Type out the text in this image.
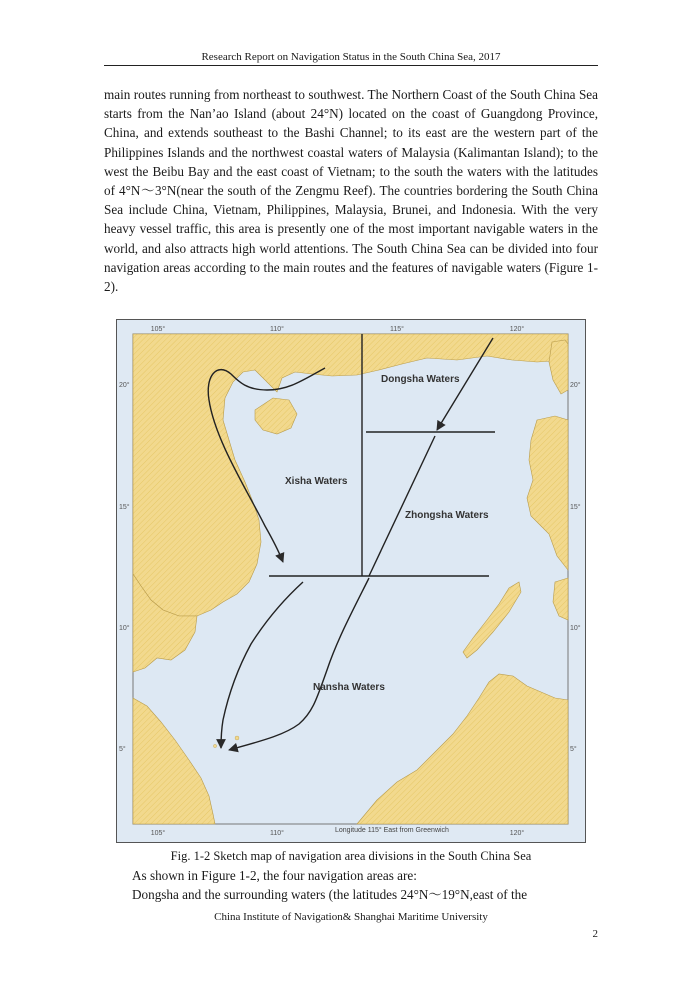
Research Report on Navigation Status in the South China Sea, 2017

main routes running from northeast to southwest. The Northern Coast of the South China Sea starts from the Nan’ao Island (about 24°N) located on the coast of Guangdong Province, China, and extends southeast to the Bashi Channel; to its east are the western part of the Philippines Islands and the northwest coastal waters of Malaysia (Kalimantan Island); to the west the Beibu Bay and the east coast of Vietnam; to the south the waters with the latitudes of 4°N～3°N(near the south of the Zengmu Reef). The countries bordering the South China Sea include China, Vietnam, Philippines, Malaysia, Brunei, and Indonesia. With the very heavy vessel traffic, this area is presently one of the most important navigable waters in the world, and also attracts high world attentions. The South China Sea can be divided into four navigation areas according to the main routes and the features of navigable waters (Figure 1-2).

105°	110°	115°	120°
105°	110°	120°
20°
15°
10°
5°
20°
15°
10°
5°
Dongsha Waters
Xisha Waters
Zhongsha Waters
Nansha Waters
Longitude 115° East from Greenwich
Fig. 1-2 Sketch map of navigation area divisions in the South China Sea

As shown in Figure 1-2, the four navigation areas are:

Dongsha and the surrounding waters (the latitudes 24°N～19°N,east of the

China Institute of Navigation& Shanghai Maritime University
2
